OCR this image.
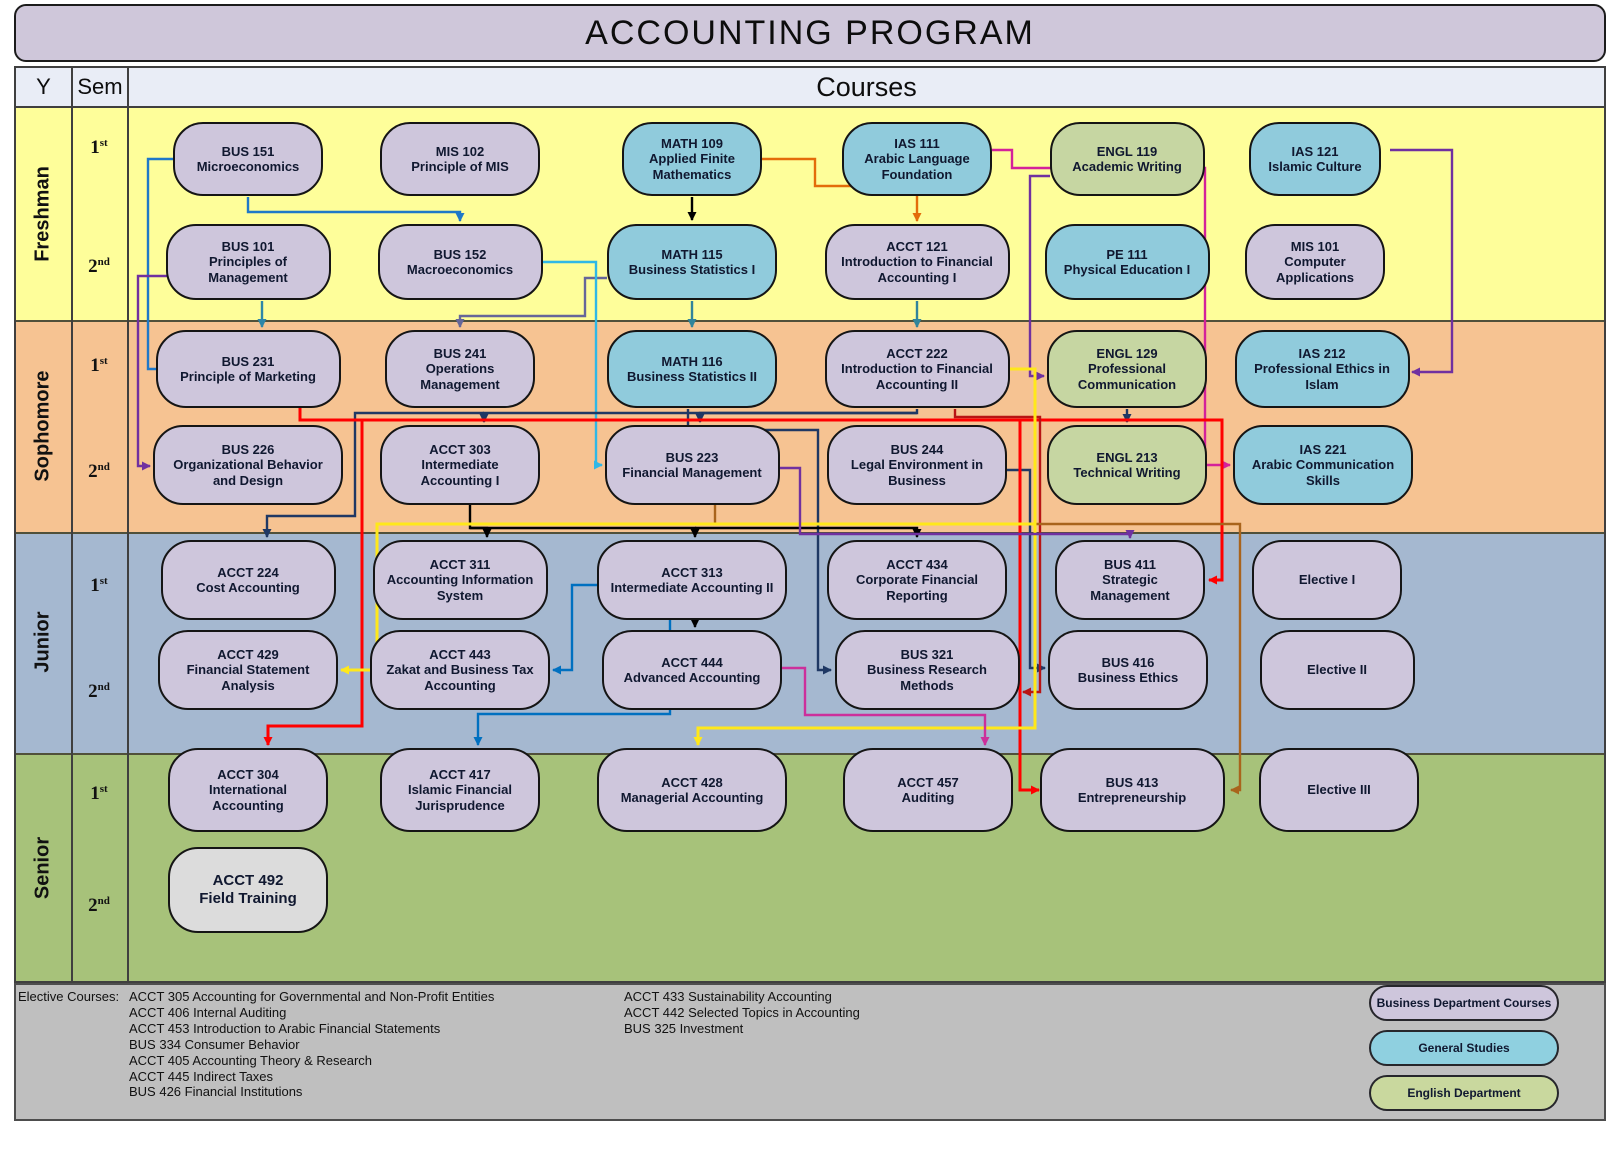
ACCOUNTING PROGRAM
Y	Sem	Courses
Freshman
1st
2nd
Sophomore
1st
2nd
Junior
1st
2nd
Senior
1st
2nd
BUS 151
Microeconomics
MIS 102
Principle of MIS
MATH 109
Applied Finite Mathematics
IAS 111
Arabic Language Foundation
ENGL 119
Academic Writing
IAS 121
Islamic Culture
BUS 101
Principles of Management
BUS 152
Macroeconomics
MATH 115
Business Statistics I
ACCT 121
Introduction to Financial Accounting I
PE 111
Physical Education I
MIS 101
Computer Applications
BUS 231
Principle of Marketing
BUS 241
Operations Management
MATH 116
Business Statistics II
ACCT 222
Introduction to Financial Accounting II
ENGL 129
Professional Communication
IAS 212
Professional Ethics in Islam
BUS 226
Organizational Behavior and Design
ACCT 303
Intermediate Accounting I
BUS 223
Financial Management
BUS 244
Legal Environment in Business
ENGL 213
Technical Writing
IAS 221
Arabic Communication Skills
ACCT 224
Cost Accounting
ACCT 311
Accounting Information System
ACCT 313
Intermediate Accounting II
ACCT 434
Corporate Financial Reporting
BUS 411
Strategic Management
Elective I
ACCT 429
Financial Statement Analysis
ACCT 443
Zakat and Business Tax Accounting
ACCT 444
Advanced Accounting
BUS 321
Business Research Methods
BUS 416
Business Ethics
Elective II
ACCT 304
International Accounting
ACCT 417
Islamic Financial Jurisprudence
ACCT 428
Managerial Accounting
ACCT 457
Auditing
BUS 413
Entrepreneurship
Elective III
ACCT 492
Field Training
Elective Courses: ACCT 305 Accounting for Governmental and Non-Profit Entities
ACCT 406 Internal Auditing
ACCT 453 Introduction to Arabic Financial Statements
BUS 334 Consumer Behavior
ACCT 405 Accounting Theory & Research
ACCT 445 Indirect Taxes
BUS 426 Financial Institutions
ACCT 433 Sustainability Accounting
ACCT 442 Selected Topics in Accounting
BUS 325 Investment
Business Department Courses
General Studies
English Department
